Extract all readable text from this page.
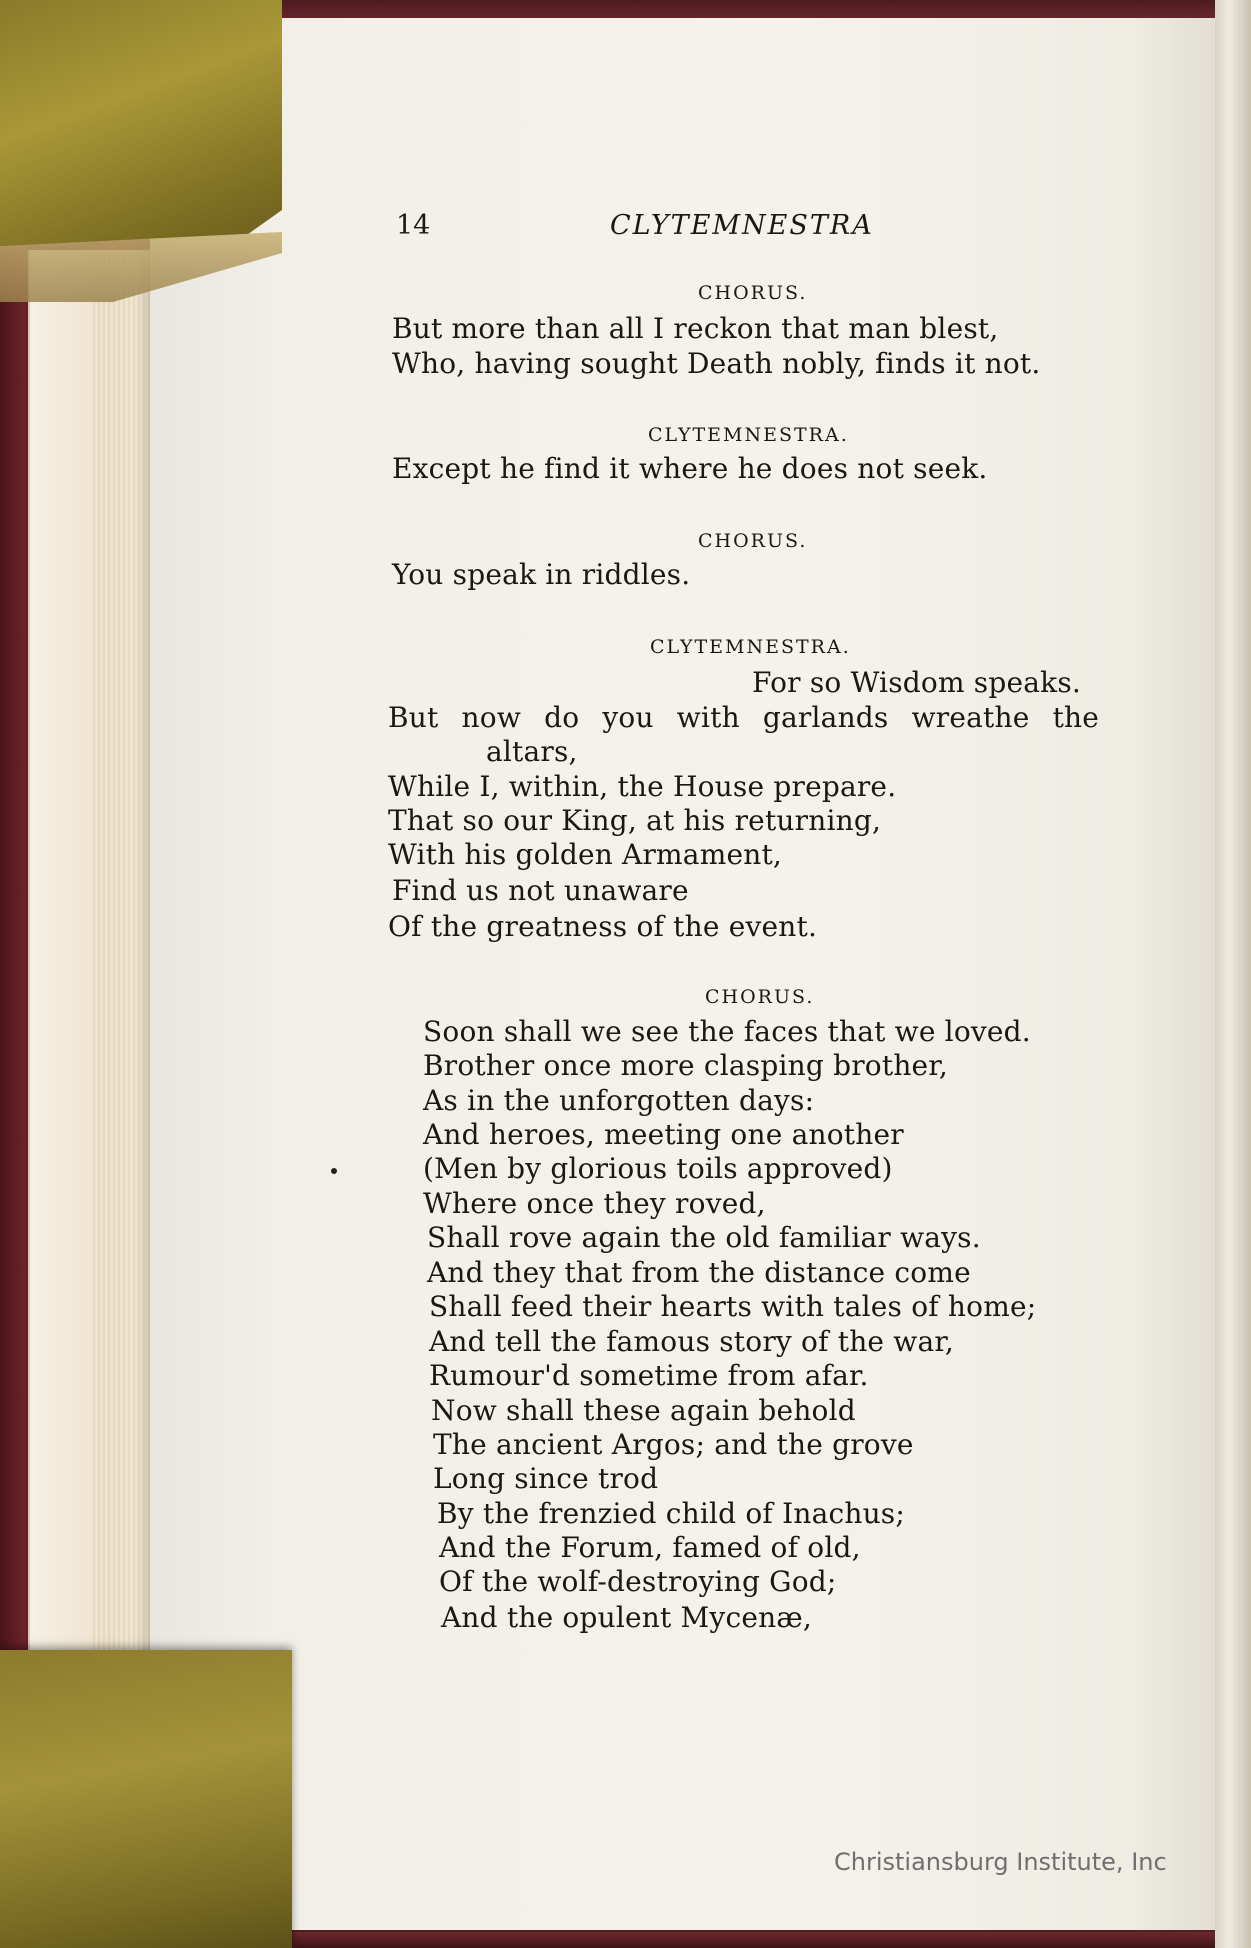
14	CLYTEMNESTRA
CHORUS.
But more than all I reckon that man blest,
Who, having sought Death nobly, finds it not.
CLYTEMNESTRA.
Except he find it where he does not seek.
CHORUS.
You speak in riddles.
CLYTEMNESTRA.
For so Wisdom speaks.
But now do you with garlands wreathe the
altars,
While I, within, the House prepare.
That so our King, at his returning,
With his golden Armament,
Find us not unaware
Of the greatness of the event.
CHORUS.
Soon shall we see the faces that we loved.
Brother once more clasping brother,
As in the unforgotten days:
And heroes, meeting one another
(Men by glorious toils approved)
Where once they roved,
Shall rove again the old familiar ways.
And they that from the distance come
Shall feed their hearts with tales of home;
And tell the famous story of the war,
Rumour'd sometime from afar.
Now shall these again behold
The ancient Argos; and the grove
Long since trod
By the frenzied child of Inachus;
And the Forum, famed of old,
Of the wolf-destroying God;
And the opulent Mycenæ,
Christiansburg Institute, Inc
